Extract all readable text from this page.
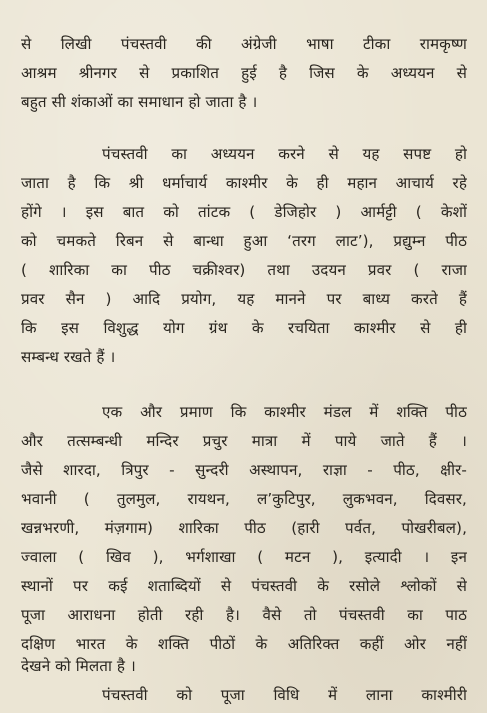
से लिखी पंचस्तवी की अंग्रेजी भाषा टीका रामकृष्ण
आश्रम श्रीनगर से प्रकाशित हुई है जिस के अध्ययन से
बहुत सी शंकाओं का समाधान हो जाता है ।
पंचस्तवी का अध्ययन करने से यह सपष्ट हो
जाता है कि श्री धर्माचार्य काश्मीर के ही महान आचार्य रहे
होंगे । इस बात को तांटक ( डेजिहोर ) आर्मट्टी ( केशों
को चमकते रिबन से बान्धा हुआ ‘तरग लाट’), प्रद्युम्न पीठ
( शारिका का पीठ चक्रीश्वर) तथा उदयन प्रवर ( राजा
प्रवर सैन ) आदि प्रयोग, यह मानने पर बाध्य करते हैं
कि इस विशुद्ध योग ग्रंथ के रचयिता काश्मीर से ही
सम्बन्ध रखते हैं ।
एक और प्रमाण कि काश्मीर मंडल में शक्ति पीठ
और तत्सम्बन्धी मन्दिर प्रचुर मात्रा में पाये जाते हैं ।
जैसे शारदा, त्रिपुर - सुन्दरी अस्थापन, राज्ञा - पीठ, क्षीर-
भवानी ( तुलमुल, रायथन, ल’कुटिपुर, लुकभवन, दिवसर,
खन्नभरणी, मंज़गाम) शारिका पीठ (हारी पर्वत, पोखरीबल),
ज्वाला ( खिव ), भर्गशाखा ( मटन ), इत्यादी । इन
स्थानों पर कई शताब्दियों से पंचस्तवी के रसोले श्लोकों से
पूजा आराधना होती रही है। वैसे तो पंचस्तवी का पाठ
दक्षिण भारत के शक्ति पीठों के अतिरिक्त कहीं ओर नहीं
देखने को मिलता है ।
पंचस्तवी को पूजा विधि में लाना काश्मीरी
